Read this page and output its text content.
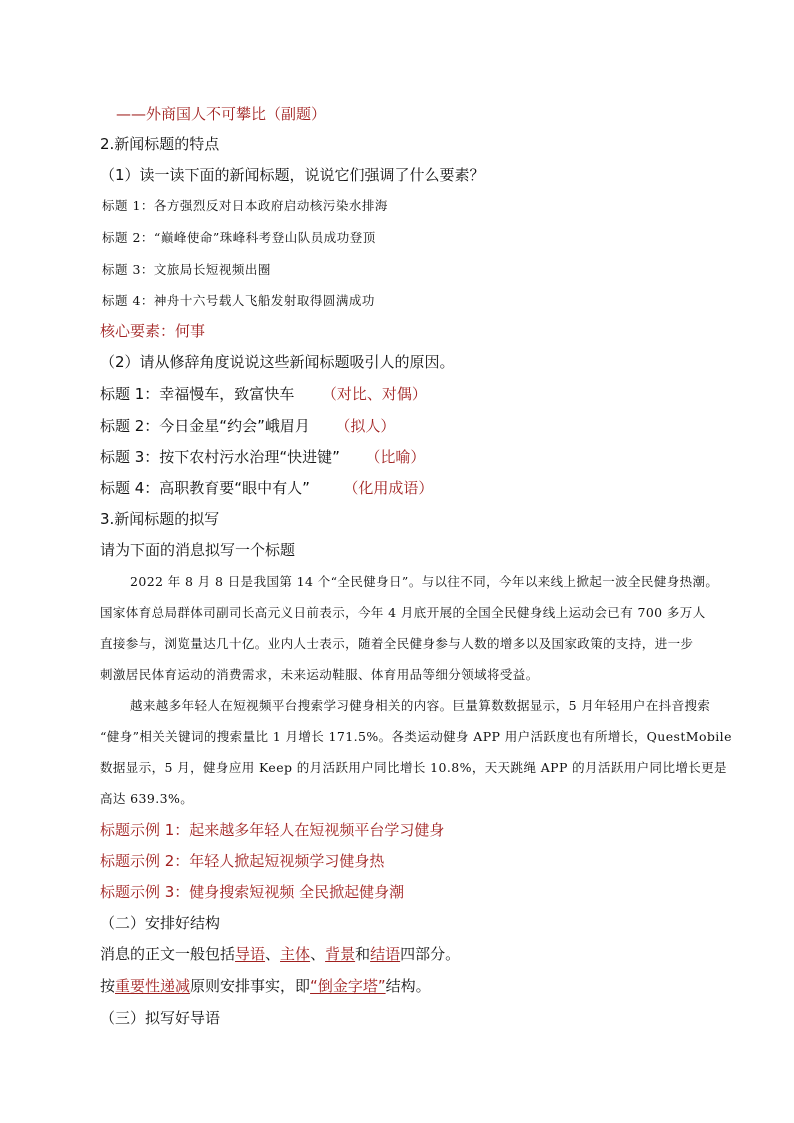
——外商国人不可攀比（副题）
2.新闻标题的特点
（1）读一读下面的新闻标题，说说它们强调了什么要素？
标题 1：各方强烈反对日本政府启动核污染水排海
标题 2：“巅峰使命”珠峰科考登山队员成功登顶
标题 3：文旅局长短视频出圈
标题 4：神舟十六号载人飞船发射取得圆满成功
核心要素：何事
（2）请从修辞角度说说这些新闻标题吸引人的原因。
标题 1：幸福慢车，致富快车 （对比、对偶）
标题 2：今日金星“约会”峨眉月 （拟人）
标题 3：按下农村污水治理“快进键” （比喻）
标题 4：高职教育要“眼中有人” （化用成语）
3.新闻标题的拟写
请为下面的消息拟写一个标题
2022 年 8 月 8 日是我国第 14 个“全民健身日”。与以往不同，今年以来线上掀起一波全民健身热潮。
国家体育总局群体司副司长高元义日前表示，今年 4 月底开展的全国全民健身线上运动会已有 700 多万人
直接参与，浏览量达几十亿。业内人士表示，随着全民健身参与人数的增多以及国家政策的支持，进一步
刺激居民体育运动的消费需求，未来运动鞋服、体育用品等细分领域将受益。
越来越多年轻人在短视频平台搜索学习健身相关的内容。巨量算数数据显示，5 月年轻用户在抖音搜索
“健身”相关关键词的搜索量比 1 月增长 171.5%。各类运动健身 APP 用户活跃度也有所增长，QuestMobile
数据显示，5 月，健身应用 Keep 的月活跃用户同比增长 10.8%，天天跳绳 APP 的月活跃用户同比增长更是
高达 639.3%。
标题示例 1：起来越多年轻人在短视频平台学习健身
标题示例 2：年轻人掀起短视频学习健身热
标题示例 3：健身搜索短视频 全民掀起健身潮
（二）安排好结构
消息的正文一般包括导语、主体、背景和结语四部分。
按重要性递减原则安排事实，即“倒金字塔”结构。
（三）拟写好导语
